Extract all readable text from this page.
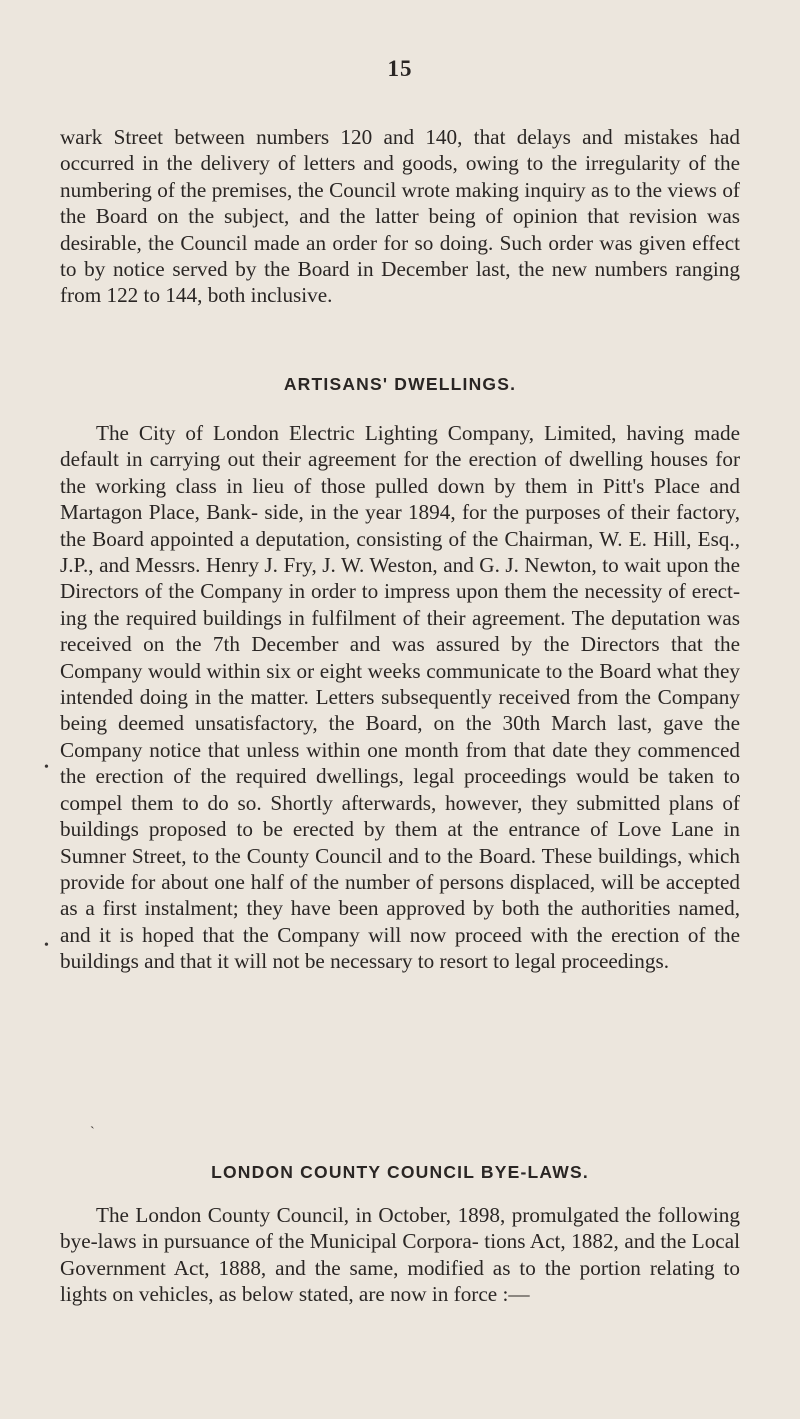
15

wark Street between numbers 120 and 140, that delays and mistakes had occurred in the delivery of letters and goods, owing to the irregularity of the numbering of the premises, the Council wrote making inquiry as to the views of the Board on the subject, and the latter being of opinion that revision was desirable, the Council made an order for so doing. Such order was given effect to by notice served by the Board in December last, the new numbers ranging from 122 to 144, both inclusive.

ARTISANS' DWELLINGS.

The City of London Electric Lighting Company, Limited, having made default in carrying out their agreement for the erection of dwelling houses for the working class in lieu of those pulled down by them in Pitt's Place and Martagon Place, Bank- side, in the year 1894, for the purposes of their factory, the Board appointed a deputation, consisting of the Chairman, W. E. Hill, Esq., J.P., and Messrs. Henry J. Fry, J. W. Weston, and G. J. Newton, to wait upon the Directors of the Company in order to impress upon them the necessity of erect- ing the required buildings in fulfilment of their agreement. The deputation was received on the 7th December and was assured by the Directors that the Company would within six or eight weeks communicate to the Board what they intended doing in the matter. Letters subsequently received from the Company being deemed unsatisfactory, the Board, on the 30th March last, gave the Company notice that unless within one month from that date they commenced the erection of the required dwellings, legal proceedings would be taken to compel them to do so. Shortly afterwards, however, they submitted plans of buildings proposed to be erected by them at the entrance of Love Lane in Sumner Street, to the County Council and to the Board. These buildings, which provide for about one half of the number of persons displaced, will be accepted as a first instalment; they have been approved by both the authorities named, and it is hoped that the Company will now proceed with the erection of the buildings and that it will not be necessary to resort to legal proceedings.

•
•
`
LONDON COUNTY COUNCIL BYE-LAWS.

The London County Council, in October, 1898, promulgated the following bye-laws in pursuance of the Municipal Corpora- tions Act, 1882, and the Local Government Act, 1888, and the same, modified as to the portion relating to lights on vehicles, as below stated, are now in force :—
